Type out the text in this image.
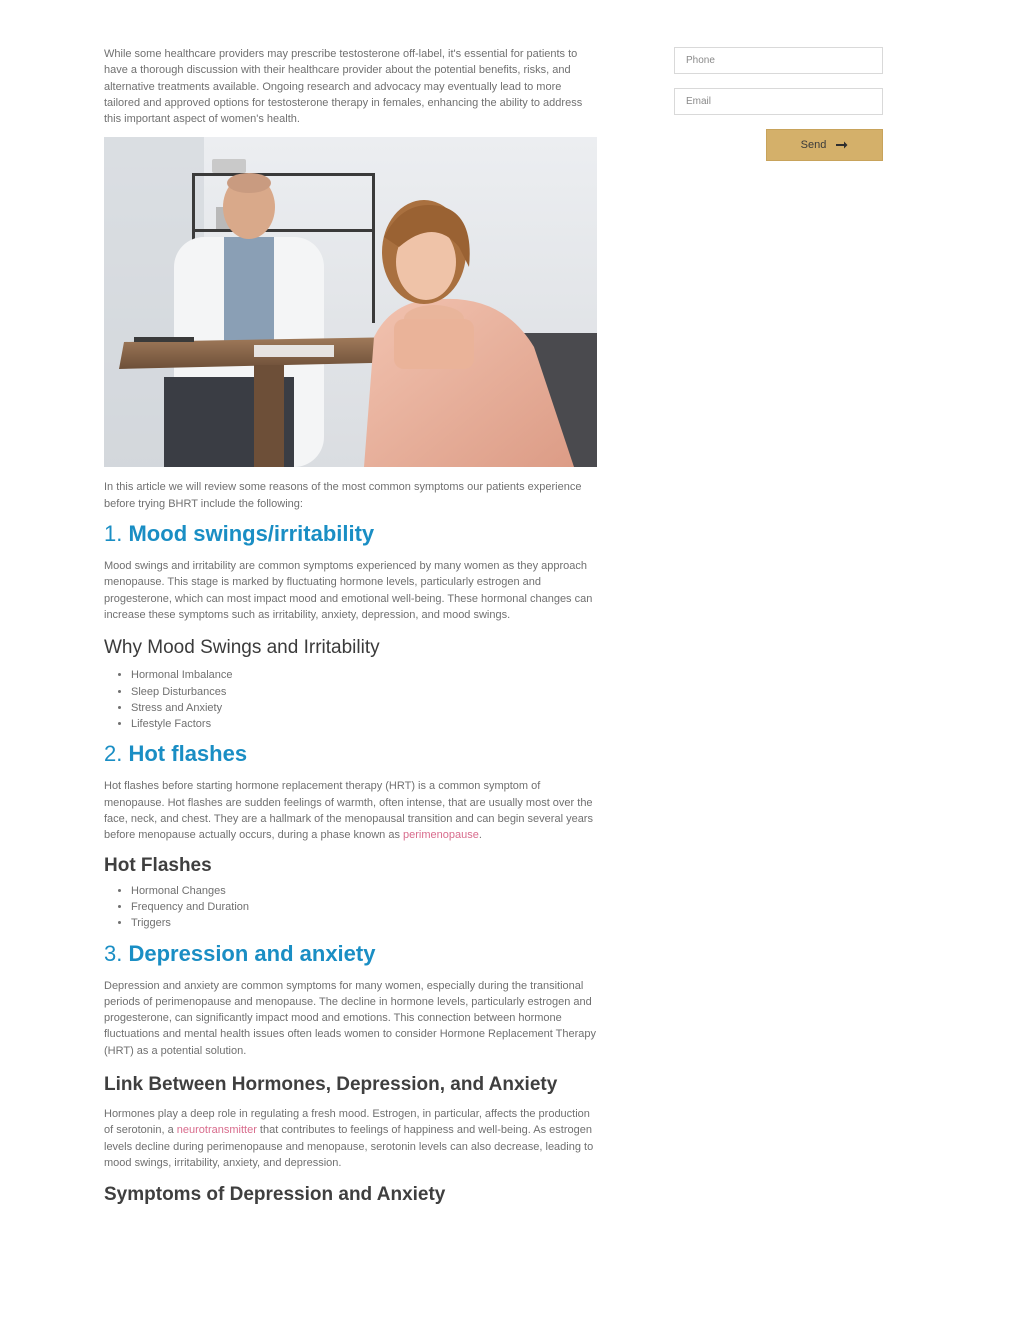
While some healthcare providers may prescribe testosterone off-label, it's essential for patients to have a thorough discussion with their healthcare provider about the potential benefits, risks, and alternative treatments available. Ongoing research and advocacy may eventually lead to more tailored and approved options for testosterone therapy in females, enhancing the ability to address this important aspect of women's health.

In this article we will review some reasons of the most common symptoms our patients experience before trying BHRT include the following:

1. Mood swings/irritability

Mood swings and irritability are common symptoms experienced by many women as they approach menopause. This stage is marked by fluctuating hormone levels, particularly estrogen and progesterone, which can most impact mood and emotional well-being. These hormonal changes can increase these symptoms such as irritability, anxiety, depression, and mood swings.

Why Mood Swings and Irritability
• Hormonal Imbalance
• Sleep Disturbances
• Stress and Anxiety
• Lifestyle Factors
2. Hot flashes

Hot flashes before starting hormone replacement therapy (HRT) is a common symptom of menopause. Hot flashes are sudden feelings of warmth, often intense, that are usually most over the face, neck, and chest. They are a hallmark of the menopausal transition and can begin several years before menopause actually occurs, during a phase known as perimenopause.

Hot Flashes
• Hormonal Changes
• Frequency and Duration
• Triggers
3. Depression and anxiety

Depression and anxiety are common symptoms for many women, especially during the transitional periods of perimenopause and menopause. The decline in hormone levels, particularly estrogen and progesterone, can significantly impact mood and emotions. This connection between hormone fluctuations and mental health issues often leads women to consider Hormone Replacement Therapy (HRT) as a potential solution.

Link Between Hormones, Depression, and Anxiety

Hormones play a deep role in regulating a fresh mood. Estrogen, in particular, affects the production of serotonin, a neurotransmitter that contributes to feelings of happiness and well-being. As estrogen levels decline during perimenopause and menopause, serotonin levels can also decrease, leading to mood swings, irritability, anxiety, and depression.

Symptoms of Depression and Anxiety
Phone
Email
Send
